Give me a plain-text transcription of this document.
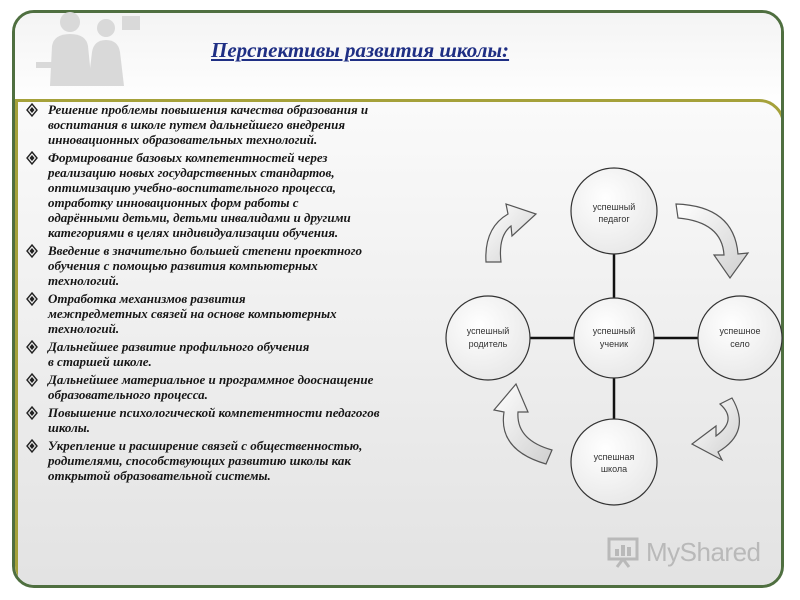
Перспективы развития школы:
Решение проблемы повышения качества образования и
воспитания в школе путем дальнейшего внедрения
инновационных образовательных технологий.
Формирование базовых компетентностей через
реализацию новых государственных стандартов,
оптимизацию учебно-воспитательного процесса,
отработку инновационных форм работы с
одарёнными детьми, детьми инвалидами и другими
категориями в целях индивидуализации обучения.
Введение в значительно большей степени проектного
обучения с помощью развития компьютерных
технологий.
Отработка механизмов развития
межпредметных связей на основе компьютерных
технологий.
Дальнейшее развитие профильного обучения
в старшей школе.
Дальнейшее материальное и программное дооснащение
образовательного процесса.
Повышение психологической компетентности педагогов
школы.
Укрепление и расширение связей с общественностью,
родителями, способствующих развитию школы как
открытой образовательной системы.
успешный
педагог
успешный
родитель
успешный
ученик
успешное
село
успешная
школа
MyShared
